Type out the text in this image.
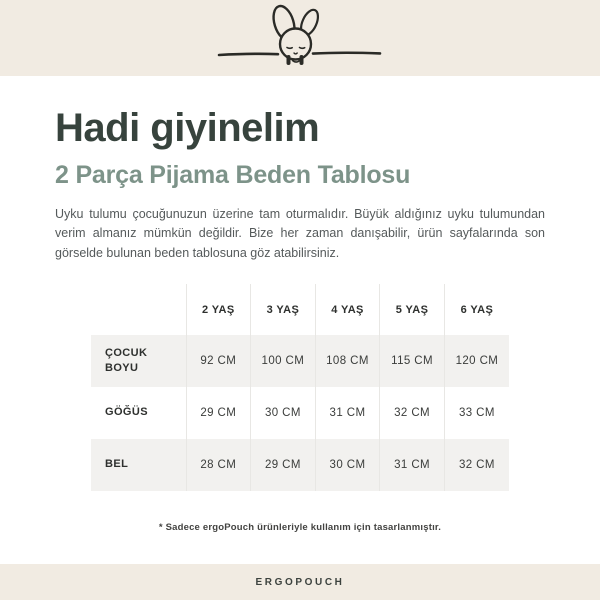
Hadi giyinelim
2 Parça Pijama Beden Tablosu

Uyku tulumu çocuğunuzun üzerine tam oturmalıdır. Büyük aldığınız uyku tulumundan verim almanız mümkün değildir. Bize her zaman danışabilir, ürün sayfalarında son görselde bulunan beden tablosuna göz atabilirsiniz.

	2 YAŞ	3 YAŞ	4 YAŞ	5 YAŞ	6 YAŞ
ÇOCUK BOYU	92 CM	100 CM	108 CM	115 CM	120 CM
GÖĞÜS	29 CM	30 CM	31 CM	32 CM	33 CM
BEL	28 CM	29 CM	30 CM	31 CM	32 CM

* Sadece ergoPouch ürünleriyle kullanım için tasarlanmıştır.

ERGOPOUCH
